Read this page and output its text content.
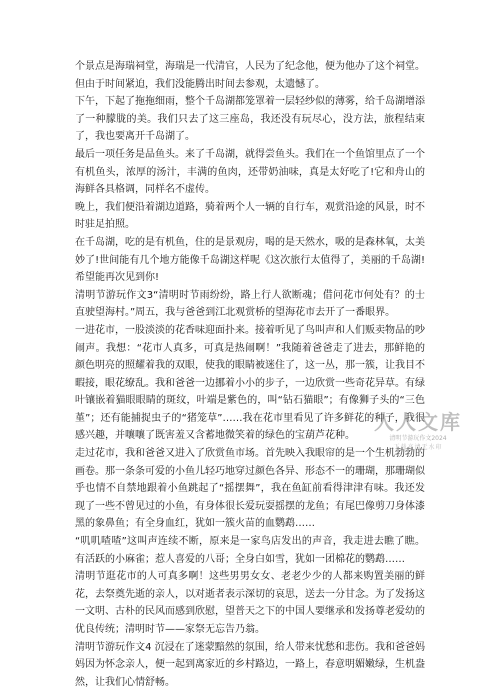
个景点是海瑞祠堂，海瑞是一代清官，人民为了纪念他，便为他办了这个祠堂。但由于时间紧迫，我们没能腾出时间去参观，太遗憾了。

下午，下起了拖拖细雨，整个千岛湖都笼罩着一层轻纱似的薄雾，给千岛湖增添了一种朦胧的美。我们只去了这三座岛，我还没有玩尽心，没方法，旅程结束了，我也要离开千岛湖了。

最后一项任务是品鱼头。来了千岛湖，就得尝鱼头。我们在一个鱼馆里点了一个有机鱼头，浓厚的汤汁，丰满的鱼肉，还带奶油味，真是太好吃了!它和舟山的海鲜各具格调，同样名不虚传。

晚上，我们便沿着湖边道路，骑着两个人一辆的自行车，观赏沿途的风景，时不时驻足拍照。

在千岛湖，吃的是有机鱼，住的是景观房，喝的是天然水，吸的是森林氧，太美妙了!世间能有几个地方能像千岛湖这样呢《这次旅行太值得了，美丽的千岛湖!希望能再次见到你!

清明节游玩作文3“清明时节雨纷纷，路上行人欲断魂；借问花市何处有？的士直驶望海村。”周五，我与爸爸到江北观赏桥的望海花市去开了一番眼界。

一进花市，一股淡淡的花香味迎面扑来。接着听见了鸟叫声和人们贩卖物品的吵闹声。我想：“花市人真多，可真是热闹啊！”我随着爸爸走了进去，那鲜艳的颜色明亮的照耀着我的双眼，使我的眼睛被迷住了，这一丛，那一簇，让我目不暇接，眼花缭乱。我和爸爸一边挪着小小的步子，一边欣赏一些奇花异草。有绿叶镶嵌着猫眼眼睛的斑纹，叶端是紫色的，叫“钻石猫眼”；有像狮子头的“三色堇”；还有能捕捉虫子的“猪笼草”……我在花市里看见了许多鲜花的种子，我很感兴趣，并嚷嚷了既害羞又含蓄地微笑着的绿色的宝葫芦花种。

走过花市，我和爸爸又进入了欣赏鱼市场。首先映入我眼帘的是一个生机勃勃的画卷。那一条条可爱的小鱼儿轻巧地穿过颜色各异、形态不一的珊瑚，那珊瑚似乎也情不自禁地跟着小鱼跳起了“摇摆舞”，我在鱼缸前看得津津有味。我还发现了一些不曾见过的小鱼，有身体很长爱玩耍摇摆的龙鱼；有尾巴像剪刀身体漆黑的象鼻鱼；有全身血红，犹如一簇火苗的血鹦鹉……

“叽叽喳喳”这叫声连续不断，原来是一家鸟店发出的声音，我走进去瞧了瞧。有活跃的小麻雀；惹人喜爱的八哥；全身白如雪，犹如一团棉花的鹦鹉……

清明节逛花市的人可真多啊！这些男男女女、老老少少的人都来购置美丽的鲜花，去祭奠先逝的亲人，以对逝者表示深切的哀思，送去一分甘念。为了发扬这一文明、古朴的民风而感到欣慰，望普天之下的中国人要继承和发扬尊老爱幼的优良传统；清明时节——家祭无忘告乃翁。

清明节游玩作文4 沉浸在了迷蒙黯然的氛围，给人带来忧愁和悲伤。我和爸爸妈妈因为怀念亲人，便一起到离家近的乡村路边，一路上，春意明媚嫩绿，生机盎然，让我们心情舒畅。

人人文库
清明节游玩作文2024
下载高清无水印
